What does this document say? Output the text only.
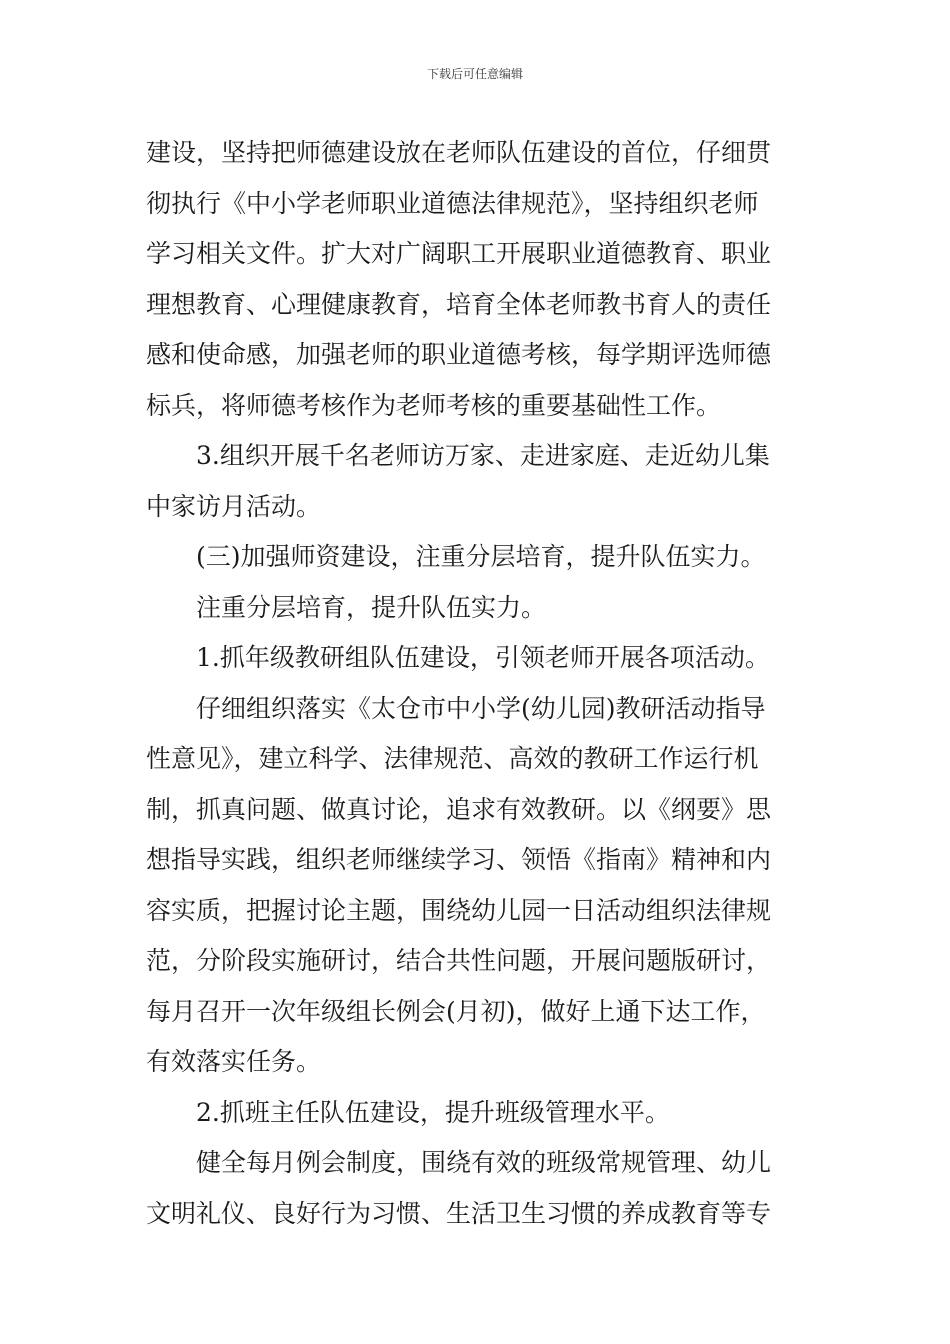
下载后可任意编辑
建设，坚持把师德建设放在老师队伍建设的首位，仔细贯
彻执行《中小学老师职业道德法律规范》，坚持组织老师
学习相关文件。扩大对广阔职工开展职业道德教育、职业
理想教育、心理健康教育，培育全体老师教书育人的责任
感和使命感，加强老师的职业道德考核，每学期评选师德
标兵，将师德考核作为老师考核的重要基础性工作。
3.组织开展千名老师访万家、走进家庭、走近幼儿集
中家访月活动。
(三)加强师资建设，注重分层培育，提升队伍实力。
注重分层培育，提升队伍实力。
1.抓年级教研组队伍建设，引领老师开展各项活动。
仔细组织落实《太仓市中小学(幼儿园)教研活动指导
性意见》，建立科学、法律规范、高效的教研工作运行机
制，抓真问题、做真讨论，追求有效教研。以《纲要》思
想指导实践，组织老师继续学习、领悟《指南》精神和内
容实质，把握讨论主题，围绕幼儿园一日活动组织法律规
范，分阶段实施研讨，结合共性问题，开展问题版研讨，
每月召开一次年级组长例会(月初)，做好上通下达工作，
有效落实任务。
2.抓班主任队伍建设，提升班级管理水平。
健全每月例会制度，围绕有效的班级常规管理、幼儿
文明礼仪、良好行为习惯、生活卫生习惯的养成教育等专
